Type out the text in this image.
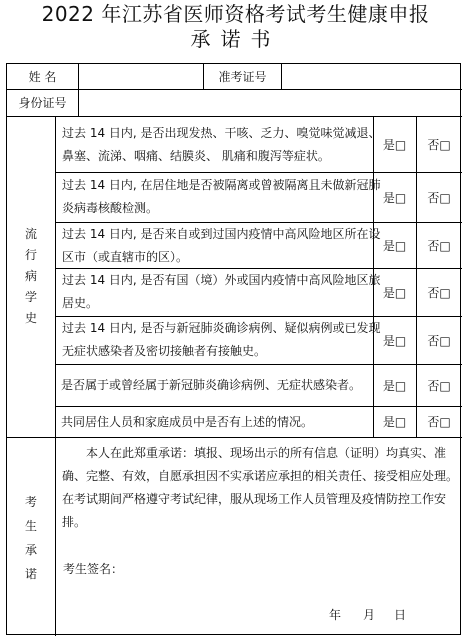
2022 年江苏省医师资格考试考生健康申报
承诺书
姓 名	准考证号
身份证号
流
行
病
学
史
过去 14 日内, 是否出现发热、干咳、乏力、嗅觉味觉减退、鼻塞、流涕、咽痛、结膜炎、 肌痛和腹泻等症状。
是□	否□
过去 14 日内, 在居住地是否被隔离或曾被隔离且未做新冠肺炎病毒核酸检测。
是□	否□
过去 14 日内, 是否来自或到过国内疫情中高风险地区所在设区市（或直辖市的区）。
是□	否□
过去 14 日内, 是否有国（境）外或国内疫情中高风险地区旅居史。
是□	否□
过去 14 日内, 是否与新冠肺炎确诊病例、疑似病例或已发现无症状感染者及密切接触者有接触史。
是□	否□
是否属于或曾经属于新冠肺炎确诊病例、无症状感染者。	是□	否□
共同居住人员和家庭成员中是否有上述的情况。	是□	否□
考
生
承
诺
本人在此郑重承诺：填报、现场出示的所有信息（证明）均真实、准确、完整、有效，自愿承担因不实承诺应承担的相关责任、接受相应处理。在考试期间严格遵守考试纪律，服从现场工作人员管理及疫情防控工作安排。
考生签名：
年 月 日
